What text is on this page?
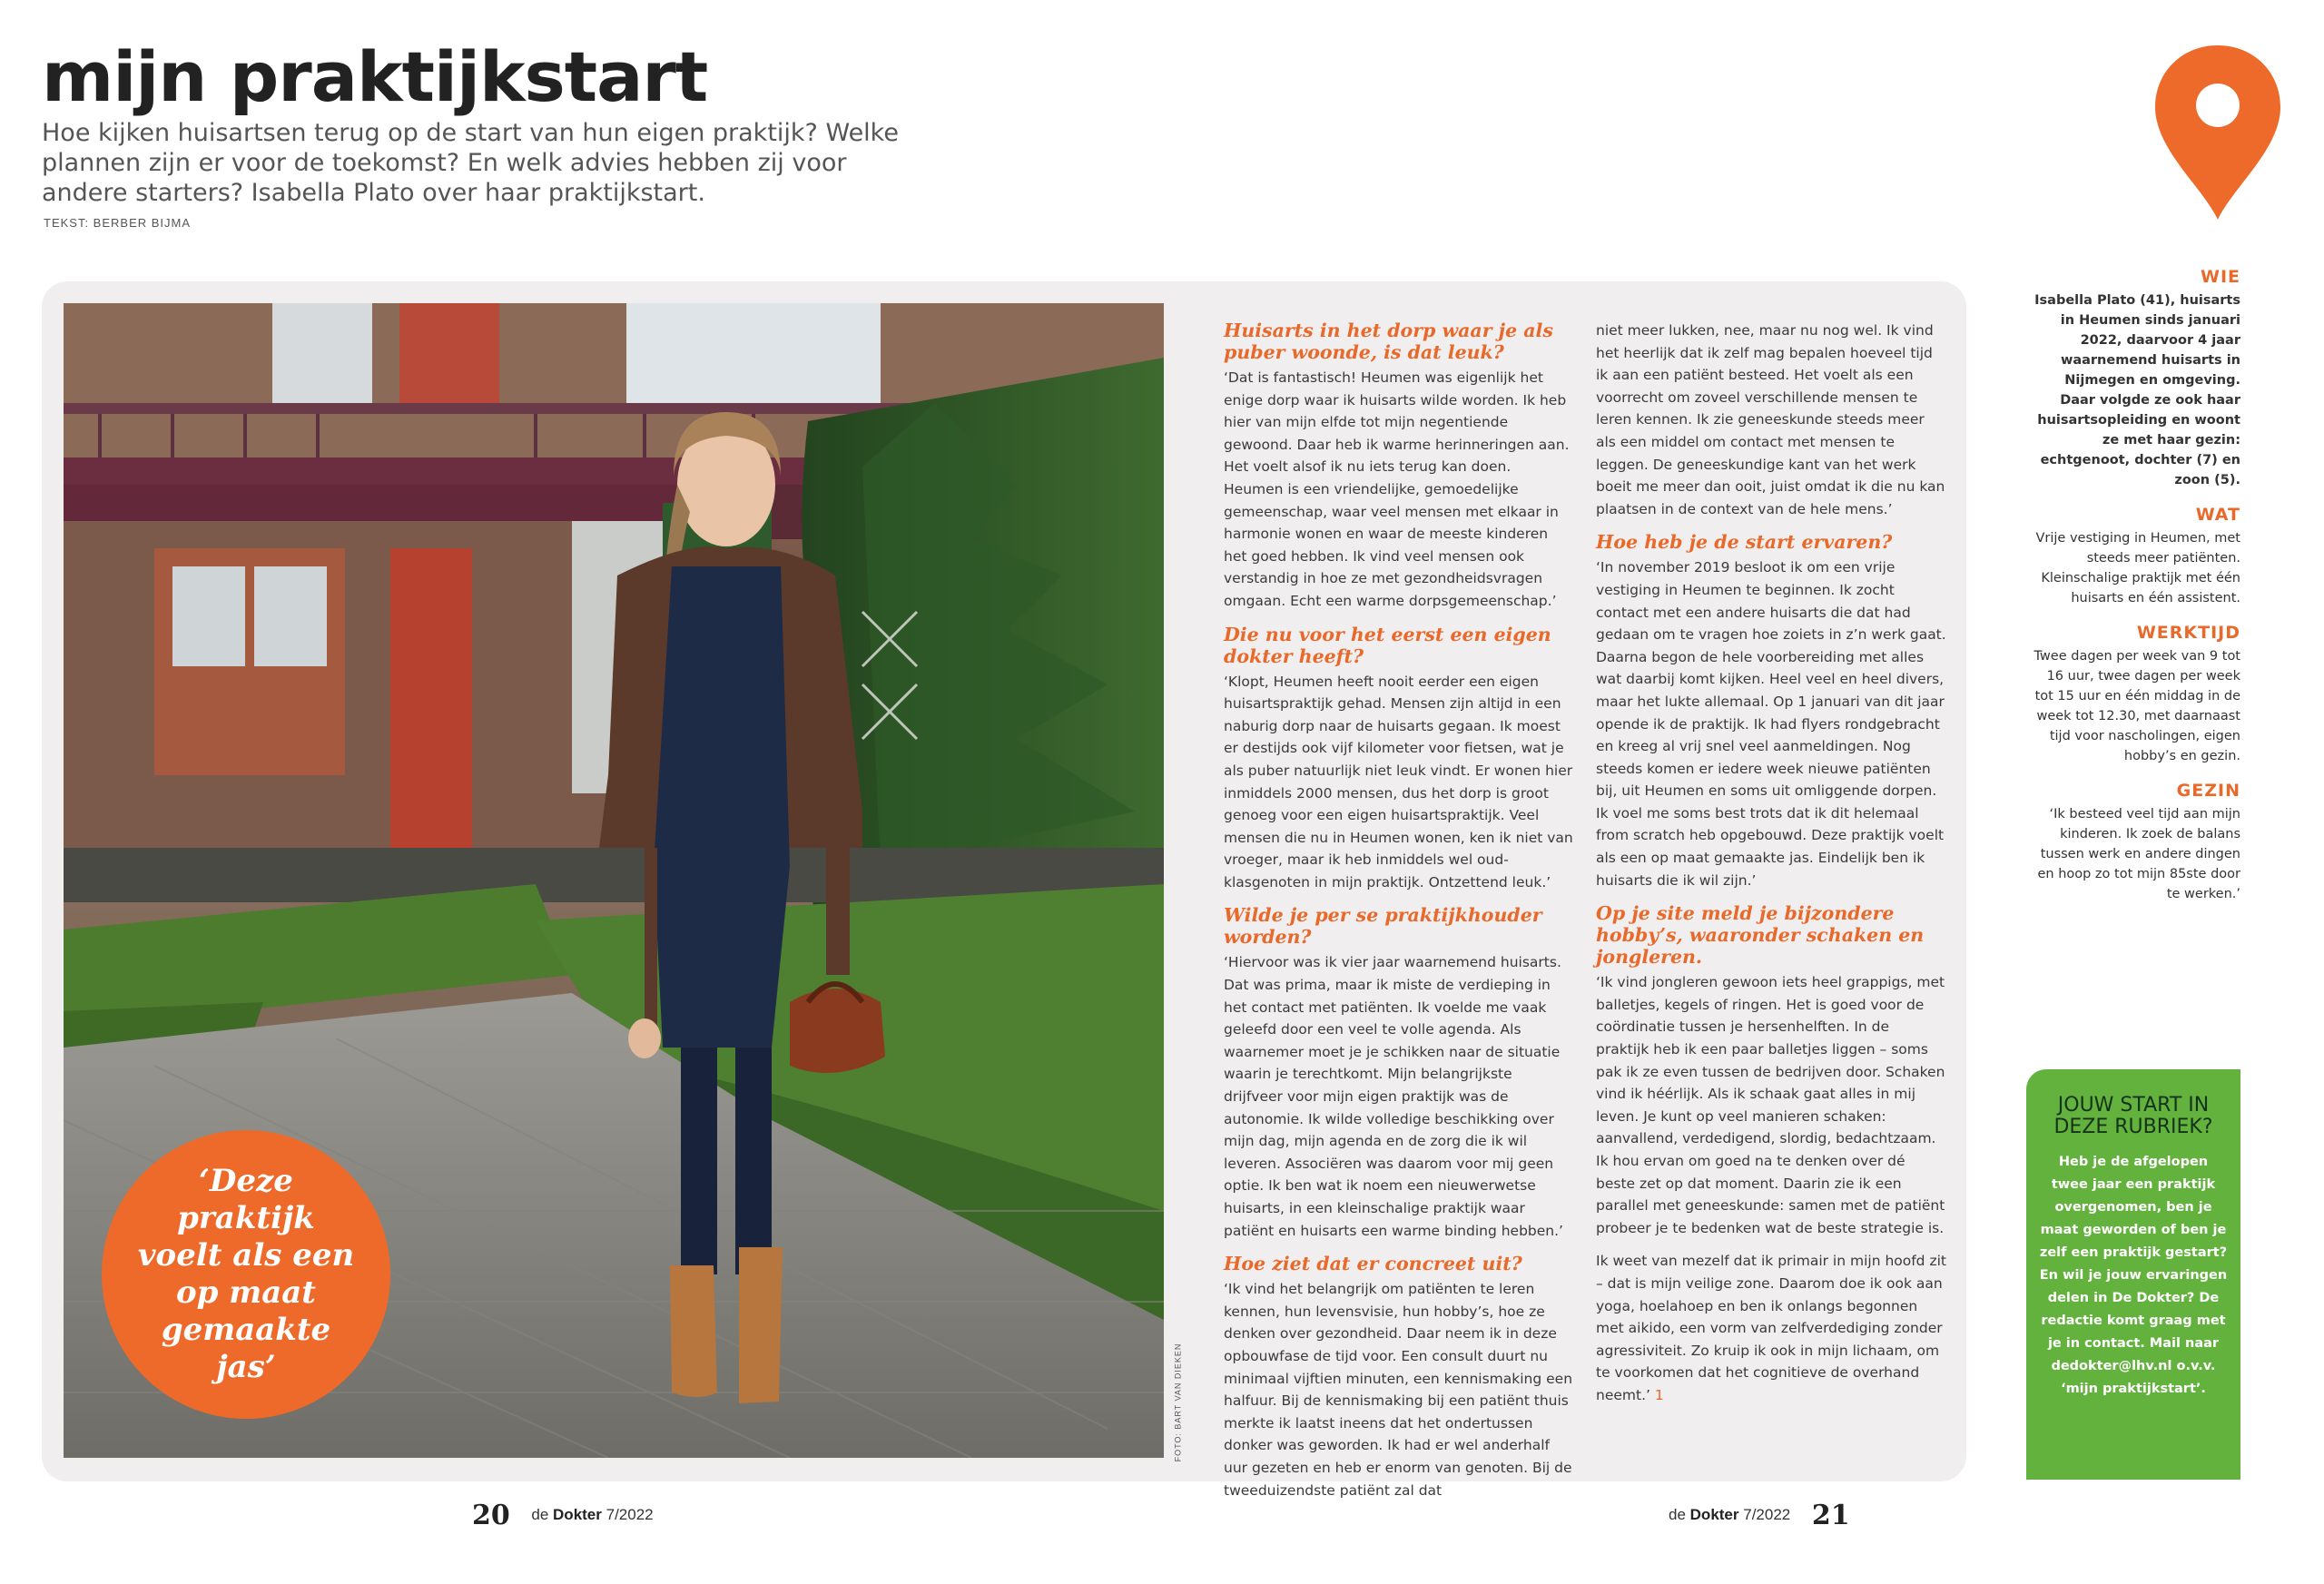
mijn praktijkstart
Hoe kijken huisartsen terug op de start van hun eigen praktijk? Welke plannen zijn er voor de toekomst? En welk advies hebben zij voor andere starters? Isabella Plato over haar praktijkstart.
TEKST: BERBER BIJMA
FOTO: BART VAN DIEKEN
‘Deze praktijk voelt als een op maat gemaakte jas’
Huisarts in het dorp waar je als puber woonde, is dat leuk?

‘Dat is fantastisch! Heumen was eigenlijk het enige dorp waar ik huisarts wilde worden. Ik heb hier van mijn elfde tot mijn negentiende gewoond. Daar heb ik warme herinneringen aan. Het voelt alsof ik nu iets terug kan doen. Heumen is een vriendelijke, gemoedelijke gemeenschap, waar veel mensen met elkaar in harmonie wonen en waar de meeste kinderen het goed hebben. Ik vind veel mensen ook verstandig in hoe ze met gezondheidsvragen omgaan. Echt een warme dorpsgemeenschap.’

Die nu voor het eerst een eigen dokter heeft?

‘Klopt, Heumen heeft nooit eerder een eigen huisartspraktijk gehad. Mensen zijn altijd in een naburig dorp naar de huisarts gegaan. Ik moest er destijds ook vijf kilometer voor fietsen, wat je als puber natuurlijk niet leuk vindt. Er wonen hier inmiddels 2000 mensen, dus het dorp is groot genoeg voor een eigen huisartspraktijk. Veel mensen die nu in Heumen wonen, ken ik niet van vroeger, maar ik heb inmiddels wel oud-klasgenoten in mijn praktijk. Ontzettend leuk.’

Wilde je per se praktijkhouder worden?

‘Hiervoor was ik vier jaar waarnemend huisarts. Dat was prima, maar ik miste de verdieping in het contact met patiënten. Ik voelde me vaak geleefd door een veel te volle agenda. Als waarnemer moet je je schikken naar de situatie waarin je terechtkomt. Mijn belangrijkste drijfveer voor mijn eigen praktijk was de autonomie. Ik wilde volledige beschikking over mijn dag, mijn agenda en de zorg die ik wil leveren. Associëren was daarom voor mij geen optie. Ik ben wat ik noem een nieuwerwetse huisarts, in een kleinschalige praktijk waar patiënt en huisarts een warme binding hebben.’

Hoe ziet dat er concreet uit?

‘Ik vind het belangrijk om patiënten te leren kennen, hun levensvisie, hun hobby’s, hoe ze denken over gezondheid. Daar neem ik in deze opbouwfase de tijd voor. Een consult duurt nu minimaal vijftien minuten, een kennismaking een halfuur. Bij de kennismaking bij een patiënt thuis merkte ik laatst ineens dat het ondertussen donker was geworden. Ik had er wel anderhalf uur gezeten en heb er enorm van genoten. Bij de tweeduizendste patiënt zal dat

niet meer lukken, nee, maar nu nog wel. Ik vind het heerlijk dat ik zelf mag bepalen hoeveel tijd ik aan een patiënt besteed. Het voelt als een voorrecht om zoveel verschillende mensen te leren kennen. Ik zie geneeskunde steeds meer als een middel om contact met mensen te leggen. De geneeskundige kant van het werk boeit me meer dan ooit, juist omdat ik die nu kan plaatsen in de context van de hele mens.’

Hoe heb je de start ervaren?

‘In november 2019 besloot ik om een vrije vestiging in Heumen te beginnen. Ik zocht contact met een andere huisarts die dat had gedaan om te vragen hoe zoiets in z’n werk gaat. Daarna begon de hele voorbereiding met alles wat daarbij komt kijken. Heel veel en heel divers, maar het lukte allemaal. Op 1 januari van dit jaar opende ik de praktijk. Ik had flyers rondgebracht en kreeg al vrij snel veel aanmeldingen. Nog steeds komen er iedere week nieuwe patiënten bij, uit Heumen en soms uit omliggende dorpen. Ik voel me soms best trots dat ik dit helemaal from scratch heb opgebouwd. Deze praktijk voelt als een op maat gemaakte jas. Eindelijk ben ik huisarts die ik wil zijn.’

Op je site meld je bijzondere hobby’s, waaronder schaken en jongleren.

‘Ik vind jongleren gewoon iets heel grappigs, met balletjes, kegels of ringen. Het is goed voor de coördinatie tussen je hersenhelften. In de praktijk heb ik een paar balletjes liggen – soms pak ik ze even tussen de bedrijven door. Schaken vind ik héérlijk. Als ik schaak gaat alles in mij leven. Je kunt op veel manieren schaken: aanvallend, verdedigend, slordig, bedachtzaam. Ik hou ervan om goed na te denken over dé beste zet op dat moment. Daarin zie ik een parallel met geneeskunde: samen met de patiënt probeer je te bedenken wat de beste strategie is.

Ik weet van mezelf dat ik primair in mijn hoofd zit – dat is mijn veilige zone. Daarom doe ik ook aan yoga, hoelahoep en ben ik onlangs begonnen met aikido, een vorm van zelfverdediging zonder agressiviteit. Zo kruip ik ook in mijn lichaam, om te voorkomen dat het cognitieve de overhand neemt.’ 1

WIE

Isabella Plato (41), huisarts in Heumen sinds januari 2022, daarvoor 4 jaar waarnemend huisarts in Nijmegen en omgeving. Daar volgde ze ook haar huisartsopleiding en woont ze met haar gezin: echtgenoot, dochter (7) en zoon (5).

WAT

Vrije vestiging in Heumen, met steeds meer patiënten. Kleinschalige praktijk met één huisarts en één assistent.

WERKTIJD

Twee dagen per week van 9 tot 16 uur, twee dagen per week tot 15 uur en één middag in de week tot 12.30, met daarnaast tijd voor nascholingen, eigen hobby’s en gezin.

GEZIN

‘Ik besteed veel tijd aan mijn kinderen. Ik zoek de balans tussen werk en andere dingen en hoop zo tot mijn 85ste door te werken.’

JOUW START IN DEZE RUBRIEK?

Heb je de afgelopen twee jaar een praktijk overgenomen, ben je maat geworden of ben je zelf een praktijk gestart? En wil je jouw ervaringen delen in De Dokter? De redactie komt graag met je in contact. Mail naar dedokter@lhv.nl o.v.v. ‘mijn praktijkstart’.

20 de Dokter 7/2022	de Dokter 7/2022 21
